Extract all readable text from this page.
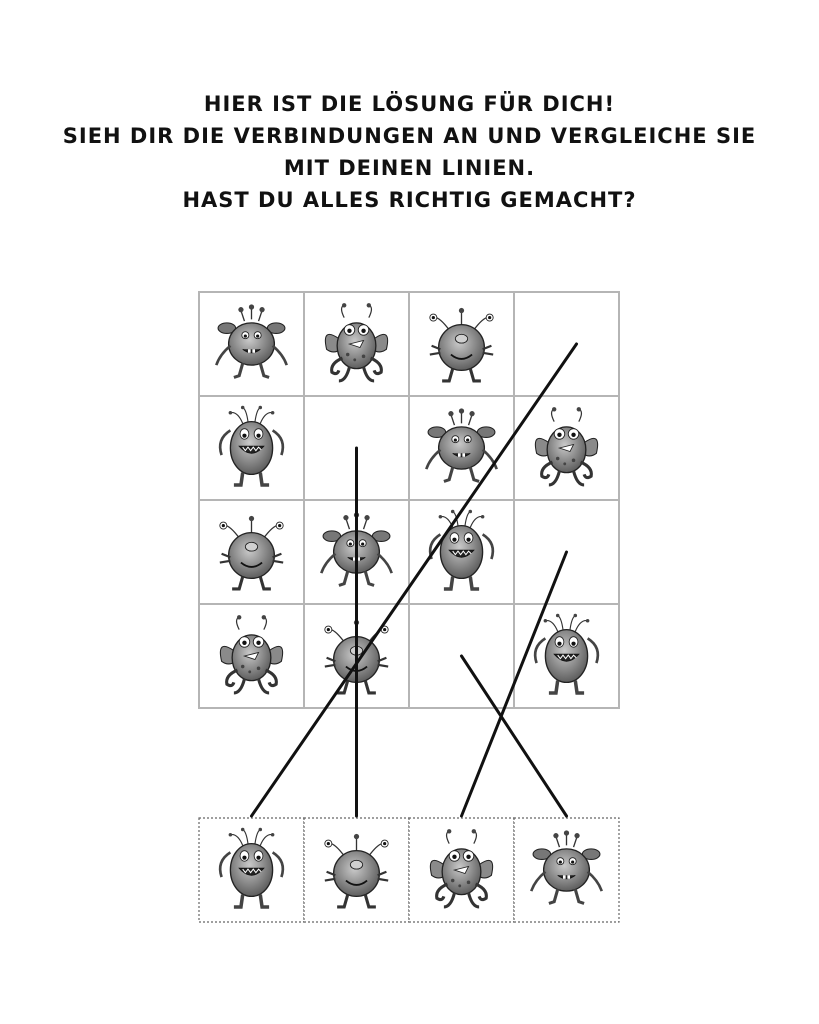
HIER IST DIE LÖSUNG FÜR DICH!
SIEH DIR DIE VERBINDUNGEN AN UND VERGLEICHE SIE
MIT DEINEN LINIEN.
HAST DU ALLES RICHTIG GEMACHT?
